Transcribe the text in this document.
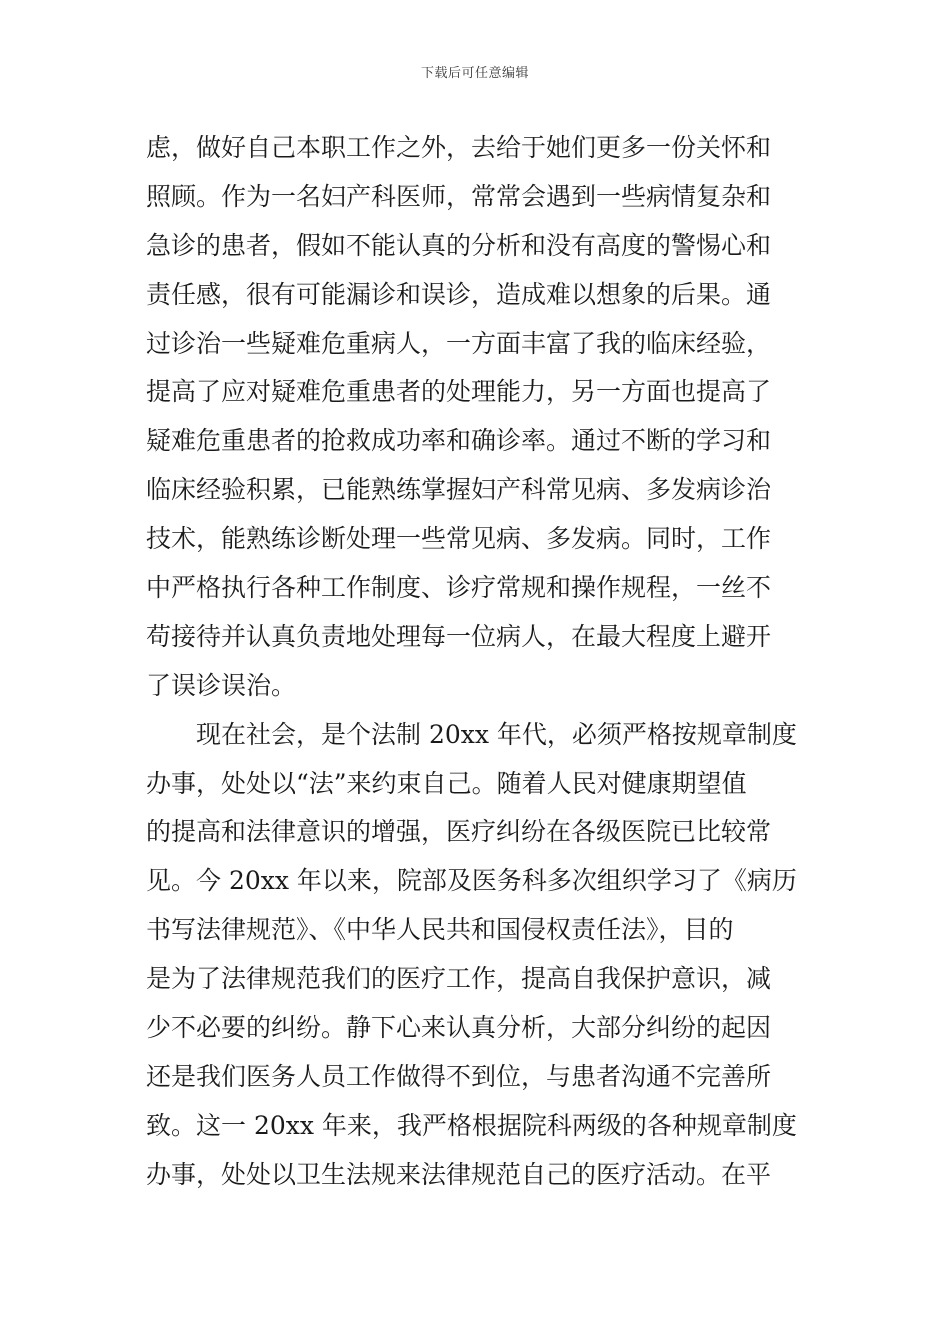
下载后可任意编辑
虑，做好自己本职工作之外，去给于她们更多一份关怀和
照顾。作为一名妇产科医师，常常会遇到一些病情复杂和
急诊的患者，假如不能认真的分析和没有高度的警惕心和
责任感，很有可能漏诊和误诊，造成难以想象的后果。通
过诊治一些疑难危重病人，一方面丰富了我的临床经验，
提高了应对疑难危重患者的处理能力，另一方面也提高了
疑难危重患者的抢救成功率和确诊率。通过不断的学习和
临床经验积累，已能熟练掌握妇产科常见病、多发病诊治
技术，能熟练诊断处理一些常见病、多发病。同时，工作
中严格执行各种工作制度、诊疗常规和操作规程，一丝不
苟接待并认真负责地处理每一位病人，在最大程度上避开
了误诊误治。
　　现在社会，是个法制 20xx 年代，必须严格按规章制度
办事，处处以“法”来约束自己。随着人民对健康期望值
的提高和法律意识的增强，医疗纠纷在各级医院已比较常
见。今 20xx 年以来，院部及医务科多次组织学习了《病历
书写法律规范》、《中华人民共和国侵权责任法》，目的
是为了法律规范我们的医疗工作，提高自我保护意识，减
少不必要的纠纷。静下心来认真分析，大部分纠纷的起因
还是我们医务人员工作做得不到位，与患者沟通不完善所
致。这一 20xx 年来，我严格根据院科两级的各种规章制度
办事，处处以卫生法规来法律规范自己的医疗活动。在平
